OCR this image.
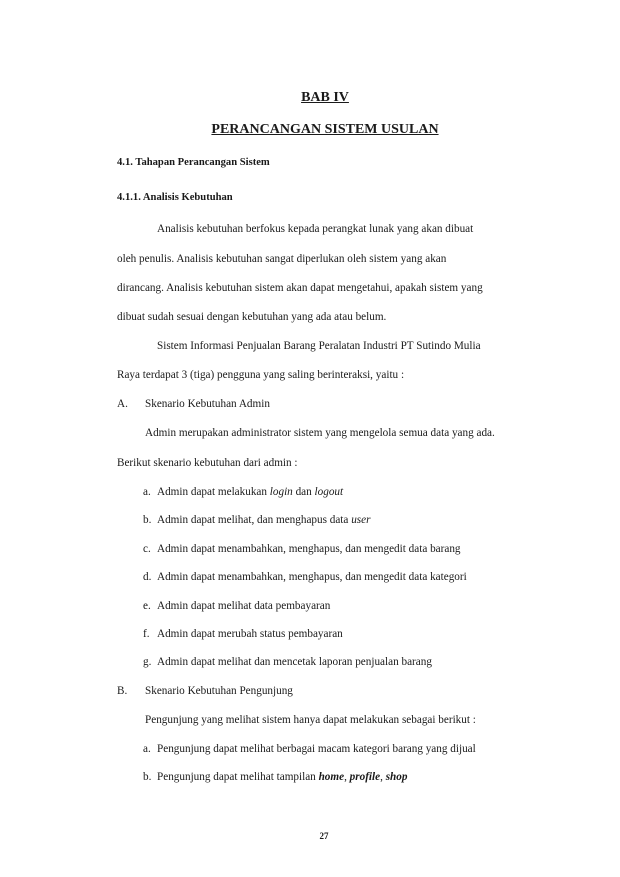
BAB IV
PERANCANGAN SISTEM USULAN
4.1. Tahapan Perancangan Sistem
4.1.1. Analisis Kebutuhan
Analisis kebutuhan berfokus kepada perangkat lunak yang akan dibuat
oleh penulis. Analisis kebutuhan sangat diperlukan oleh sistem yang akan
dirancang. Analisis kebutuhan sistem akan dapat mengetahui, apakah sistem yang
dibuat sudah sesuai dengan kebutuhan yang ada atau belum.
Sistem Informasi Penjualan Barang Peralatan Industri PT Sutindo Mulia
Raya terdapat 3 (tiga) pengguna yang saling berinteraksi, yaitu :
A. Skenario Kebutuhan Admin
Admin merupakan administrator sistem yang mengelola semua data yang ada.
Berikut skenario kebutuhan dari admin :
a. Admin dapat melakukan login dan logout
b. Admin dapat melihat, dan menghapus data user
c. Admin dapat menambahkan, menghapus, dan mengedit data barang
d. Admin dapat menambahkan, menghapus, dan mengedit data kategori
e. Admin dapat melihat data pembayaran
f. Admin dapat merubah status pembayaran
g. Admin dapat melihat dan mencetak laporan penjualan barang
B. Skenario Kebutuhan Pengunjung
Pengunjung yang melihat sistem hanya dapat melakukan sebagai berikut :
a. Pengunjung dapat melihat berbagai macam kategori barang yang dijual
b. Pengunjung dapat melihat tampilan home, profile, shop
27
